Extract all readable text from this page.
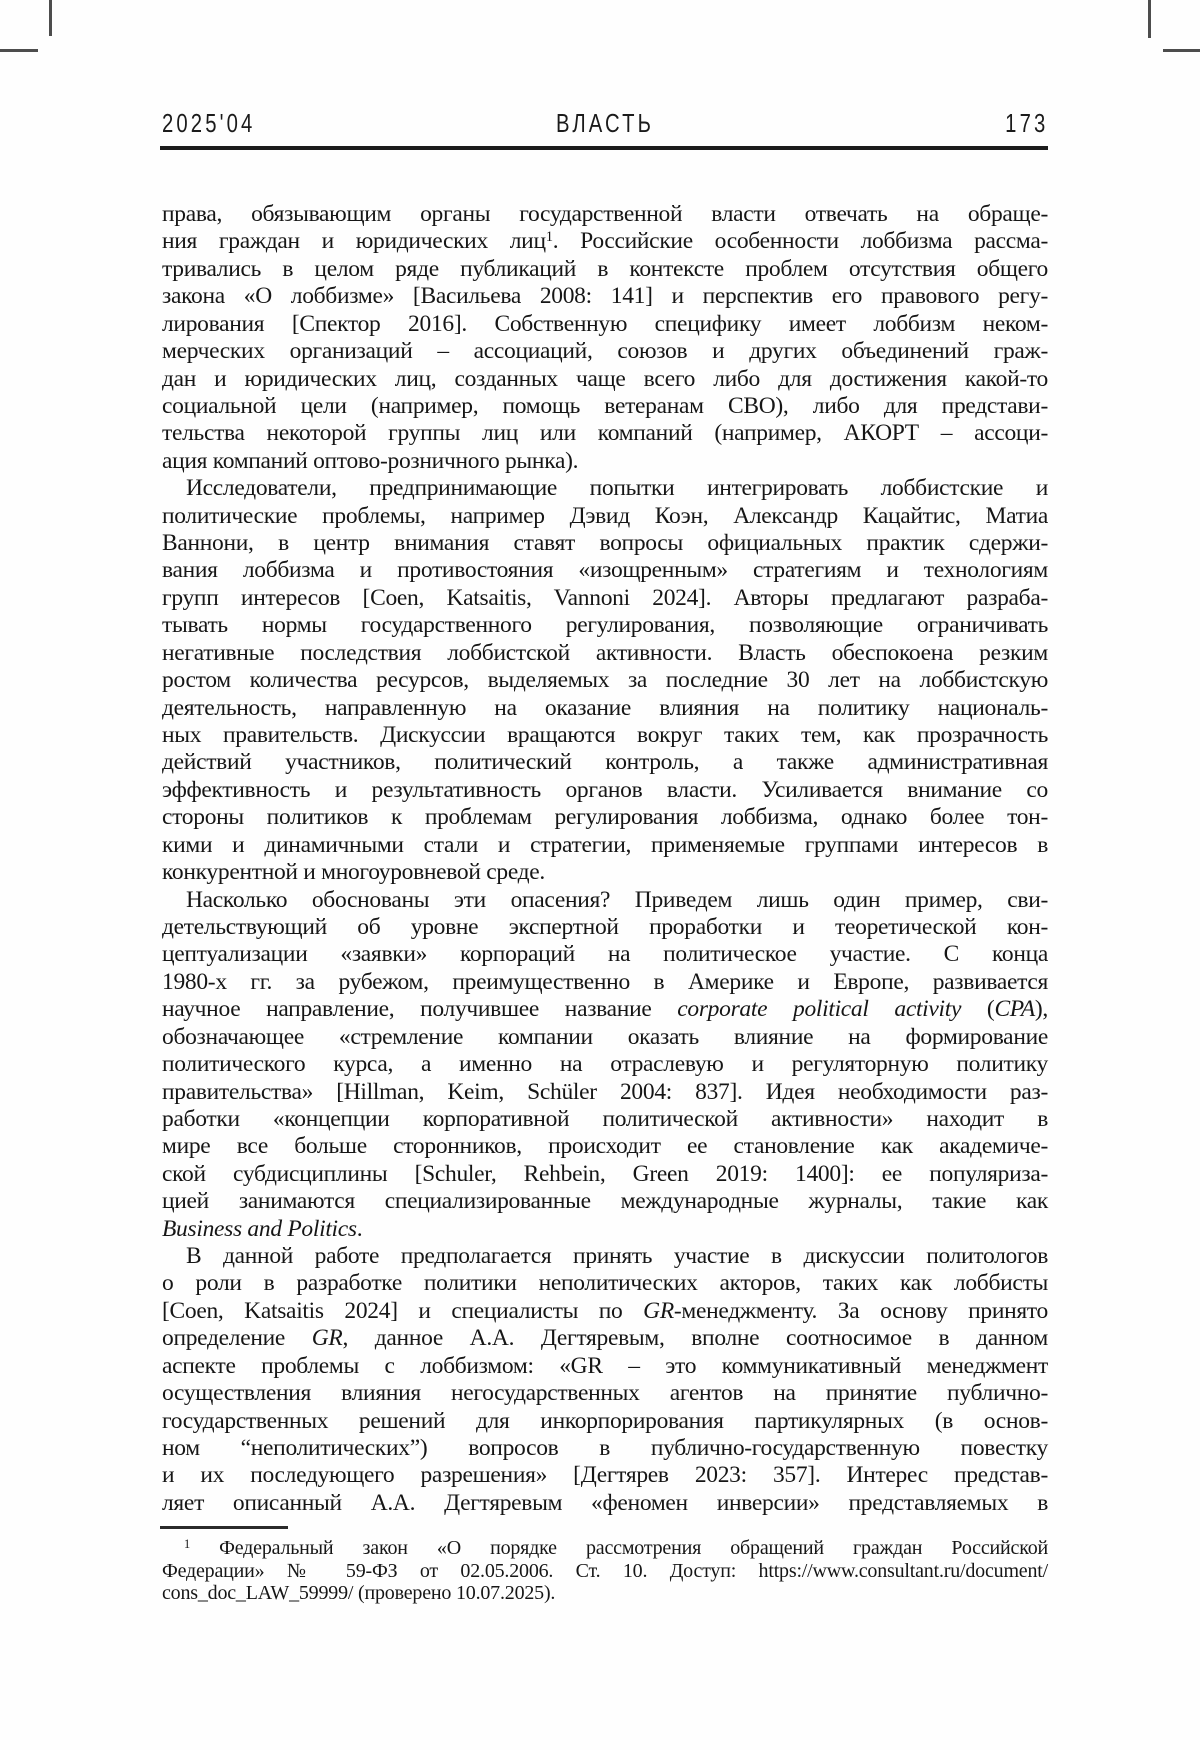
2025'04	ВЛАСТЬ	173
права, обязывающим органы государственной власти отвечать на обраще-
ния граждан и юридических лиц$^1$. Российские особенности лоббизма рассма-
тривались в целом ряде публикаций в контексте проблем отсутствия общего
закона «О лоббизме» [Васильева 2008: 141] и перспектив его правового регу-
лирования [Спектор 2016]. Собственную специфику имеет лоббизм неком-
мерческих организаций – ассоциаций, союзов и других объединений граж-
дан и юридических лиц, созданных чаще всего либо для достижения какой-то
социальной цели (например, помощь ветеранам СВО), либо для представи-
тельства некоторой группы лиц или компаний (например, АКОРТ – ассоци-
ация компаний оптово-розничного рынка).
Исследователи, предпринимающие попытки интегрировать лоббистские и
политические проблемы, например Дэвид Коэн, Александр Кацайтис, Матиа
Ваннони, в центр внимания ставят вопросы официальных практик сдержи-
вания лоббизма и противостояния «изощренным» стратегиям и технологиям
групп интересов [Coen, Katsaitis, Vannoni 2024]. Авторы предлагают разраба-
тывать нормы государственного регулирования, позволяющие ограничивать
негативные последствия лоббистской активности. Власть обеспокоена резким
ростом количества ресурсов, выделяемых за последние 30 лет на лоббистскую
деятельность, направленную на оказание влияния на политику националь-
ных правительств. Дискуссии вращаются вокруг таких тем, как прозрачность
действий участников, политический контроль, а также административная
эффективность и результативность органов власти. Усиливается внимание со
стороны политиков к проблемам регулирования лоббизма, однако более тон-
кими и динамичными стали и стратегии, применяемые группами интересов в
конкурентной и многоуровневой среде.
Насколько обоснованы эти опасения? Приведем лишь один пример, сви-
детельствующий об уровне экспертной проработки и теоретической кон-
цептуализации «заявки» корпораций на политическое участие. С конца
1980-х гг. за рубежом, преимущественно в Америке и Европе, развивается
научное направление, получившее название corporate political activity (CPA),
обозначающее «стремление компании оказать влияние на формирование
политического курса, а именно на отраслевую и регуляторную политику
правительства» [Hillman, Keim, Schüler 2004: 837]. Идея необходимости раз-
работки «концепции корпоративной политической активности» находит в
мире все больше сторонников, происходит ее становление как академиче-
ской субдисциплины [Schuler, Rehbein, Green 2019: 1400]: ее популяриза-
цией занимаются специализированные международные журналы, такие как
Business and Politics.
В данной работе предполагается принять участие в дискуссии политологов
о роли в разработке политики неполитических акторов, таких как лоббисты
[Coen, Katsaitis 2024] и специалисты по GR-менеджменту. За основу принято
определение GR, данное А.А. Дегтяревым, вполне соотносимое в данном
аспекте проблемы с лоббизмом: «GR – это коммуникативный менеджмент
осуществления влияния негосударственных агентов на принятие публично-
государственных решений для инкорпорирования партикулярных (в основ-
ном “неполитических”) вопросов в публично-государственную повестку
и их последующего разрешения» [Дегтярев 2023: 357]. Интерес представ-
ляет описанный А.А. Дегтяревым «феномен инверсии» представляемых в
$^1$ Федеральный закон «О порядке рассмотрения обращений граждан Российской
Федерации» № 59-ФЗ от 02.05.2006. Ст. 10. Доступ: https://www.consultant.ru/document/
cons_doc_LAW_59999/ (проверено 10.07.2025).
